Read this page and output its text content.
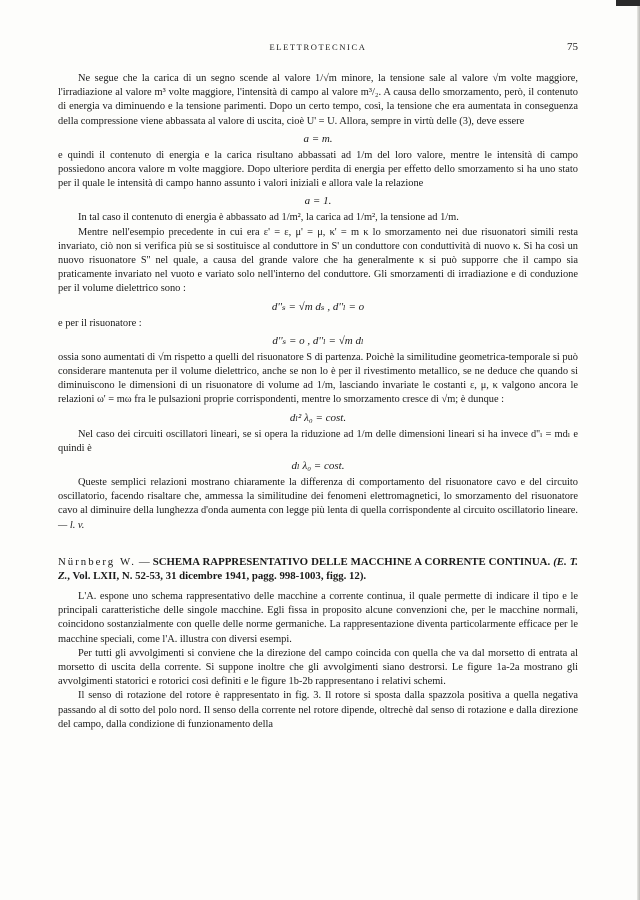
ELETTROTECNICA	75

Ne segue che la carica di un segno scende al valore 1/√m minore, la tensione sale al valore √m volte maggiore, l'irradiazione al valore m³ volte maggiore, l'intensità di campo al valore m³/₂. A causa dello smorzamento, però, il contenuto di energia va diminuendo e la tensione parimenti. Dopo un certo tempo, così, la tensione che era aumentata in conseguenza della compressione viene abbassata al valore di uscita, cioè U' = U. Allora, sempre in virtù delle (3), deve essere

a = m.

e quindi il contenuto di energia e la carica risultano abbassati ad 1/m del loro valore, mentre le intensità di campo possiedono ancora valore m volte maggiore. Dopo ulteriore perdita di energia per effetto dello smorzamento si ha uno stato per il quale le intensità di campo hanno assunto i valori iniziali e allora vale la relazione

a = 1.

In tal caso il contenuto di energia è abbassato ad 1/m², la carica ad 1/m², la tensione ad 1/m.

Mentre nell'esempio precedente in cui era ε' = ε, μ' = μ, κ' = m κ lo smorzamento nei due risuonatori simili resta invariato, ciò non si verifica più se si sostituisce al conduttore in S' un conduttore con conduttività di nuovo κ. Si ha così un nuovo risuonatore S'' nel quale, a causa del grande valore che ha generalmente κ si può supporre che il campo sia praticamente invariato nel vuoto e variato solo nell'interno del conduttore. Gli smorzamenti di irradiazione e di conduzione per il volume dielettrico sono :

d''ₛ = √m dₛ , d''ₗ = o

e per il risuonatore :

d''ₛ = o , d''ₗ = √m dₗ

ossia sono aumentati di √m rispetto a quelli del risuonatore S di partenza. Poichè la similitudine geometrica-temporale si può considerare mantenuta per il volume dielettrico, anche se non lo è per il rivestimento metallico, se ne deduce che quando si diminuiscono le dimensioni di un risuonatore di volume ad 1/m, lasciando invariate le costanti ε, μ, κ valgono ancora le relazioni ω' = mω fra le pulsazioni proprie corrispondenti, mentre lo smorzamento cresce di √m; è dunque :

dₗ² λ₀ = cost.

Nel caso dei circuiti oscillatori lineari, se si opera la riduzione ad 1/m delle dimensioni lineari si ha invece d''ₗ = mdₗ e quindi è

dₗ λ₀ = cost.

Queste semplici relazioni mostrano chiaramente la differenza di comportamento del risuonatore cavo e del circuito oscillatorio, facendo risaltare che, ammessa la similitudine dei fenomeni elettromagnetici, lo smorzamento del risuonatore cavo al diminuire della lunghezza d'onda aumenta con legge più lenta di quella corrispondente al circuito oscillatorio lineare. — l. v.

Nürnberg W. — SCHEMA RAPPRESENTATIVO DELLE MACCHINE A CORRENTE CONTINUA. (E. T. Z., Vol. LXII, N. 52-53, 31 dicembre 1941, pagg. 998-1003, figg. 12).

L'A. espone uno schema rappresentativo delle macchine a corrente continua, il quale permette di indicare il tipo e le principali caratteristiche delle singole macchine. Egli fissa in proposito alcune convenzioni che, per le macchine normali, coincidono sostanzialmente con quelle delle norme germaniche. La rappresentazione diventa particolarmente efficace per le macchine speciali, come l'A. illustra con diversi esempi.

Per tutti gli avvolgimenti si conviene che la direzione del campo coincida con quella che va dal morsetto di entrata al morsetto di uscita della corrente. Si suppone inoltre che gli avvolgimenti siano destrorsi. Le figure 1a-2a mostrano gli avvolgimenti statorici e rotorici così definiti e le figure 1b-2b rappresentano i relativi schemi.

Il senso di rotazione del rotore è rappresentato in fig. 3. Il rotore si sposta dalla spazzola positiva a quella negativa passando al di sotto del polo nord. Il senso della corrente nel rotore dipende, oltrechè dal senso di rotazione e dalla direzione del campo, dalla condizione di funzionamento della
